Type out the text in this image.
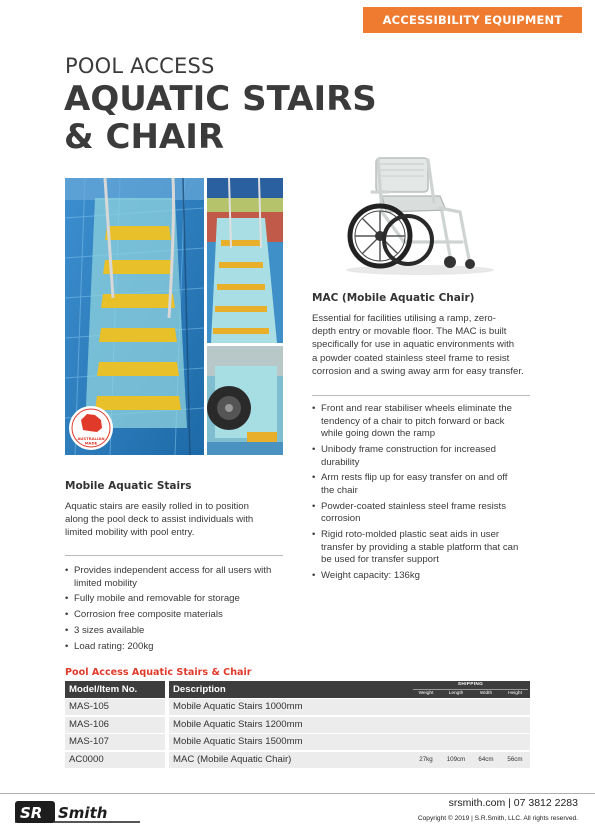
ACCESSIBILITY EQUIPMENT
POOL ACCESS
AQUATIC STAIRS
& CHAIR
AUSTRALIAN
MADE
Mobile Aquatic Stairs
Aquatic stairs are easily rolled in to position
along the pool deck to assist individuals with
limited mobility with pool entry.
• Provides independent access for all users with
limited mobility
• Fully mobile and removable for storage
• Corrosion free composite materials
• 3 sizes available
• Load rating: 200kg
MAC (Mobile Aquatic Chair)
Essential for facilities utilising a ramp, zero-
depth entry or movable floor. The MAC is built
specifically for use in aquatic environments with
a powder coated stainless steel frame to resist
corrosion and a swing away arm for easy transfer.
• Front and rear stabiliser wheels eliminate the
tendency of a chair to pitch forward or back
while going down the ramp
• Unibody frame construction for increased
durability
• Arm rests flip up for easy transfer on and off
the chair
• Powder-coated stainless steel frame resists
corrosion
• Rigid roto-molded plastic seat aids in user
transfer by providing a stable platform that can
be used for transfer support
• Weight capacity: 136kg
Pool Access Aquatic Stairs & Chair
Model/Item No.	Description	SHIPPING
Weight	Length	Width	Height
MAS-105	Mobile Aquatic Stairs 1000mm
MAS-106	Mobile Aquatic Stairs 1200mm
MAS-107	Mobile Aquatic Stairs 1500mm
AC0000	MAC (Mobile Aquatic Chair)	27kg	109cm	64cm	56cm
SR Smith
srsmith.com | 07 3812 2283
Copyright © 2019 | S.R.Smith, LLC. All rights reserved.
